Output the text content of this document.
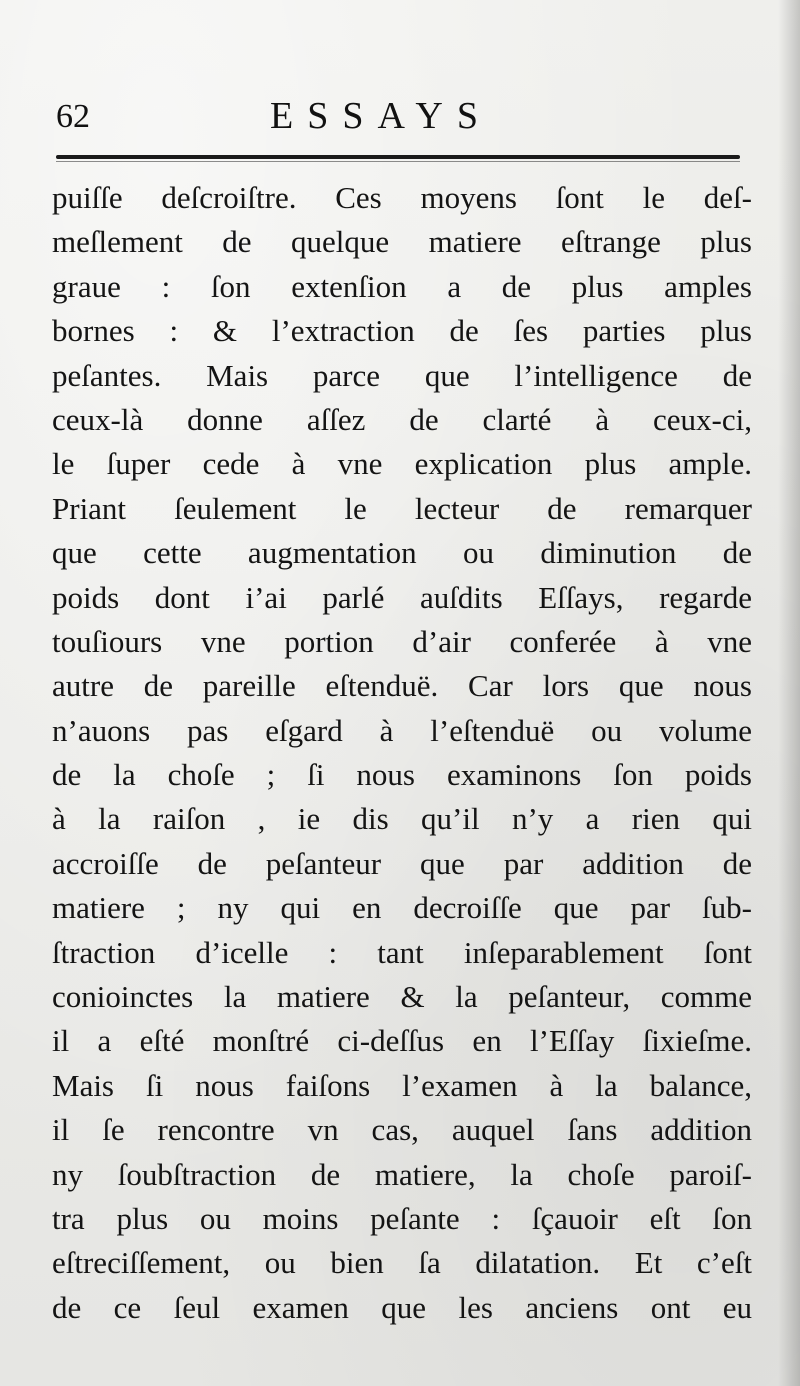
62	ESSAYS
puiſſe deſcroiſtre. Ces moyens ſont le deſ-
meſlement de quelque matiere eſtrange plus
graue : ſon extenſion a de plus amples
bornes : & l’extraction de ſes parties plus
peſantes. Mais parce que l’intelligence de
ceux-là donne aſſez de clarté à ceux-ci,
le ſuper cede à vne explication plus ample.
Priant ſeulement le lecteur de remarquer
que cette augmentation ou diminution de
poids dont i’ai parlé auſdits Eſſays, regarde
touſiours vne portion d’air conferée à vne
autre de pareille eſtenduë. Car lors que nous
n’auons pas eſgard à l’eſtenduë ou volume
de la choſe ; ſi nous examinons ſon poids
à la raiſon , ie dis qu’il n’y a rien qui
accroiſſe de peſanteur que par addition de
matiere ; ny qui en decroiſſe que par ſub-
ſtraction d’icelle : tant inſeparablement ſont
conioinctes la matiere & la peſanteur, comme
il a eſté monſtré ci-deſſus en l’Eſſay ſixieſme.
Mais ſi nous faiſons l’examen à la balance,
il ſe rencontre vn cas, auquel ſans addition
ny ſoubſtraction de matiere, la choſe paroiſ-
tra plus ou moins peſante : ſçauoir eſt ſon
eſtreciſſement, ou bien ſa dilatation. Et c’eſt
de ce ſeul examen que les anciens ont eu
